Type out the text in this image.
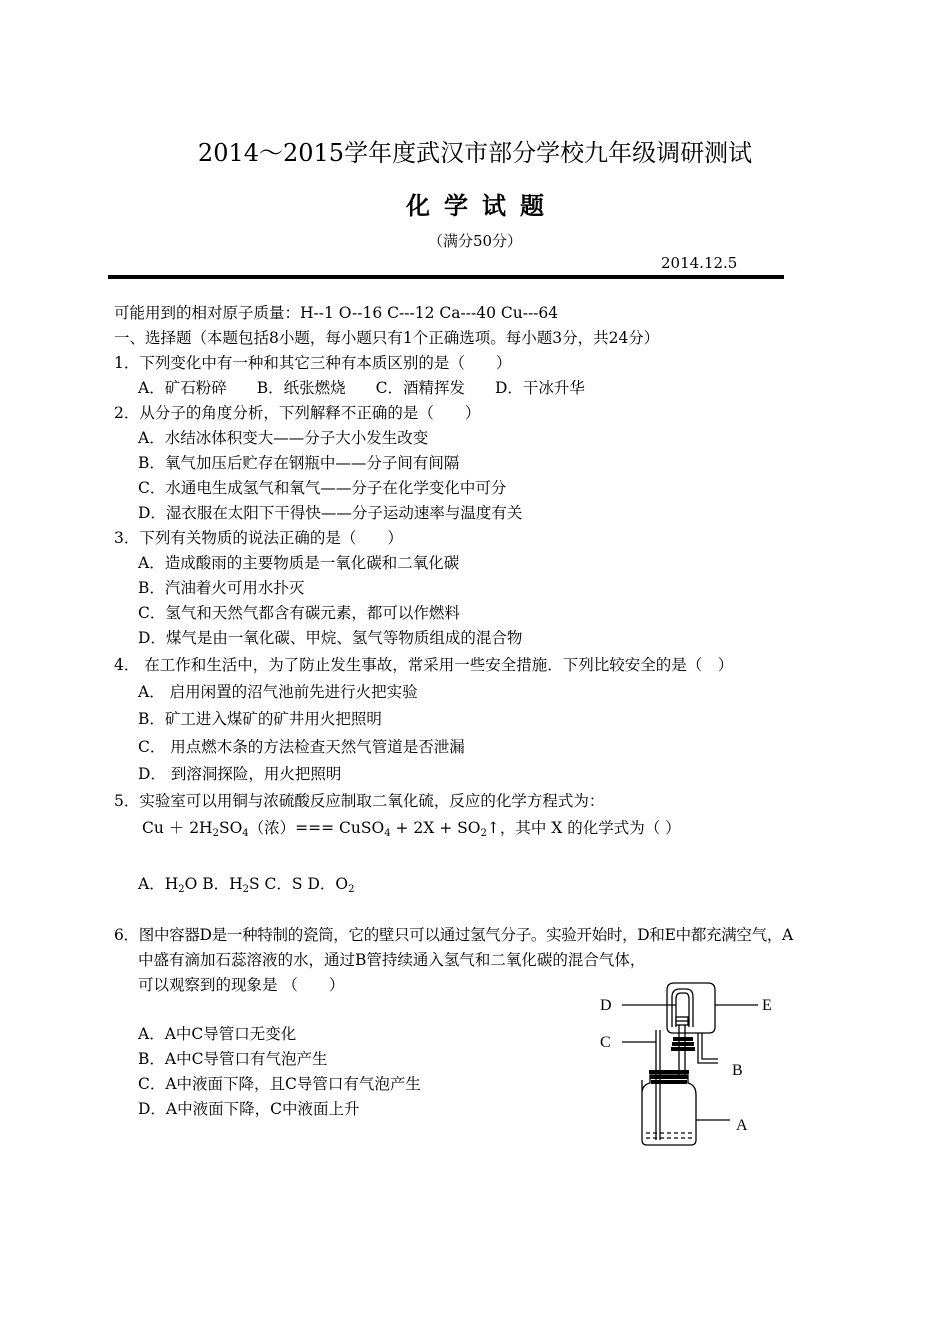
2014～2015学年度武汉市部分学校九年级调研测试
化学试题
（满分50分）
2014.12.5
可能用到的相对原子质量：H--1 O--16 C---12 Ca---40 Cu---64
一、选择题（本题包括8小题，每小题只有1个正确选项。每小题3分，共24分）
1．下列变化中有一种和其它三种有本质区别的是（　　）
A．矿石粉碎 B．纸张燃烧 C．酒精挥发 D．干冰升华
2．从分子的角度分析，下列解释不正确的是（　　）
A．水结冰体积变大——分子大小发生改变
B．氧气加压后贮存在钢瓶中——分子间有间隔
C．水通电生成氢气和氧气——分子在化学变化中可分
D．湿衣服在太阳下干得快——分子运动速率与温度有关
3．下列有关物质的说法正确的是（　　）
A．造成酸雨的主要物质是一氧化碳和二氧化碳
B．汽油着火可用水扑灭
C．氢气和天然气都含有碳元素，都可以作燃料
D．煤气是由一氧化碳、甲烷、氢气等物质组成的混合物
4． 在工作和生活中，为了防止发生事故，常采用一些安全措施．下列比较安全的是（　）
A． 启用闲置的沼气池前先进行火把实验
B．矿工进入煤矿的矿井用火把照明
C． 用点燃木条的方法检查天然气管道是否泄漏
D． 到溶洞探险，用火把照明
5．实验室可以用铜与浓硫酸反应制取二氧化硫，反应的化学方程式为：
$Cu + 2H_2SO_4$（浓）=== CuSO$_4$ + $2X + SO_2↑$，其中 X 的化学式为（ ）
A．$H_2O$ B．$H_2S$ C．S D．$O_2$
6．图中容器D是一种特制的瓷筒，它的壁只可以通过氢气分子。实验开始时，D和E中都充满空气，A
中盛有滴加石蕊溶液的水，通过B管持续通入氢气和二氧化碳的混合气体，
可以观察到的现象是 （　　）
A．A中C导管口无变化
B．A中C导管口有气泡产生
C．A中液面下降，且C导管口有气泡产生
D．A中液面下降，C中液面上升
D	E
C
B
A
